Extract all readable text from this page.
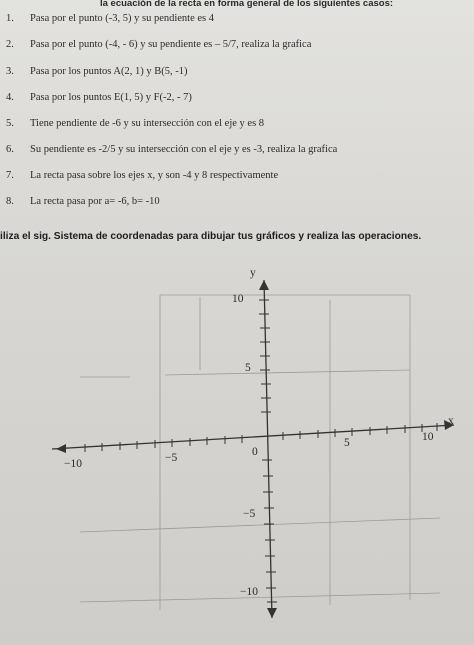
la ecuación de la recta en forma general de los siguientes casos:
1.	Pasa por el punto (-3, 5) y su pendiente es 4
2.	Pasa por el punto (-4, - 6) y su pendiente es – 5/7, realiza la grafica
3.	Pasa por los puntos A(2, 1) y B(5, -1)
4.	Pasa por los puntos E(1, 5) y F(-2, - 7)
5.	Tiene pendiente de -6 y su intersección con el eje y es 8
6.	Su pendiente es -2/5 y su intersección con el eje y es -3, realiza la grafica
7.	La recta pasa sobre los ejes x, y son -4 y 8 respectivamente
8.	La recta pasa por a= -6, b= -10
iliza el sig. Sistema de coordenadas para dibujar tus gráficos y realiza las operaciones.
y
x
−10	−5	0
5	10
10
5
−5
−10
